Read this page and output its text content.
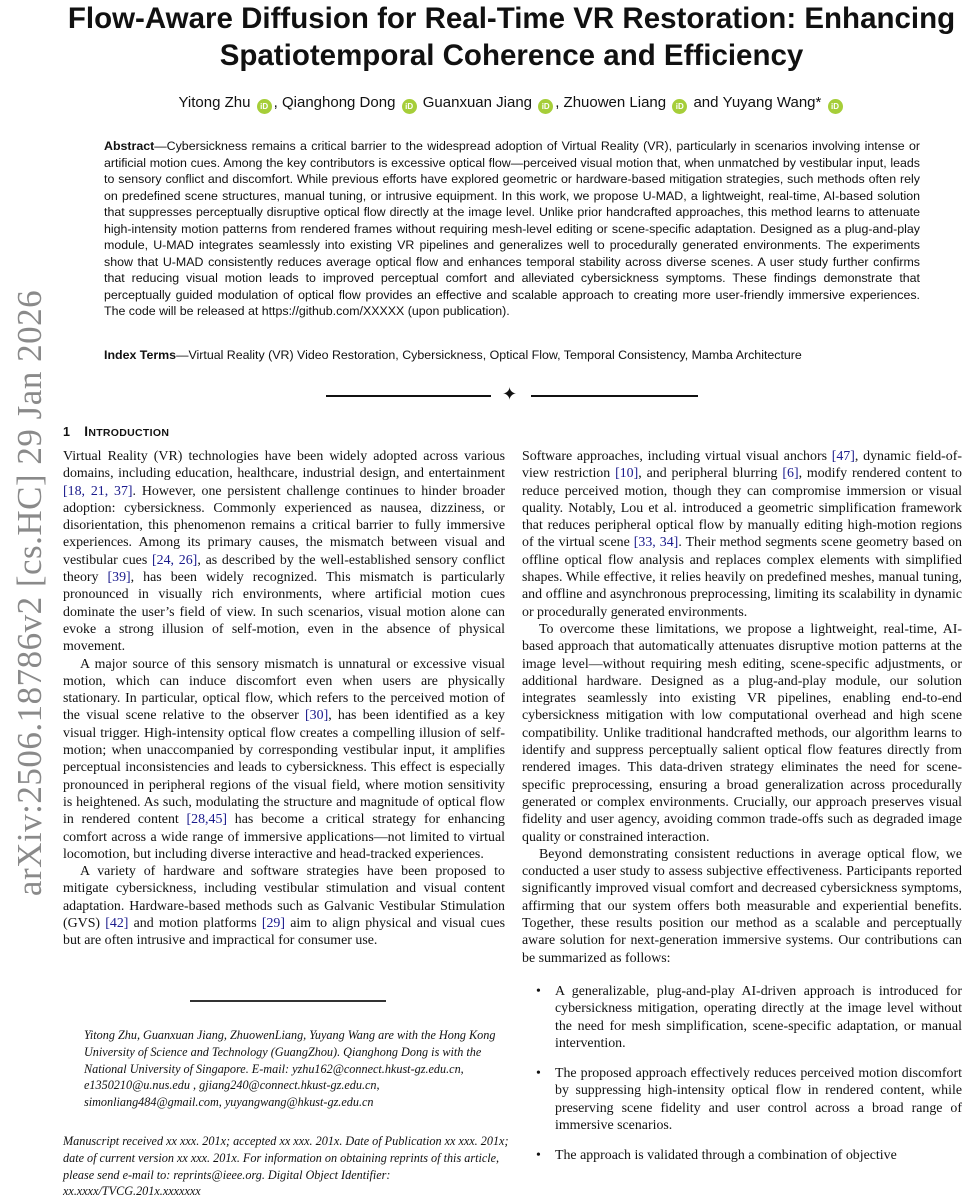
arXiv:2506.18786v2 [cs.HC] 29 Jan 2026
Flow-Aware Diffusion for Real-Time VR Restoration: Enhancing
Spatiotemporal Coherence and Efficiency
Yitong Zhu iD , Qianghong Dong iD Guanxuan Jiang iD , Zhuowen Liang iD and Yuyang Wang* iD
Abstract—Cybersickness remains a critical barrier to the widespread adoption of Virtual Reality (VR), particularly in scenarios involving intense or artificial motion cues. Among the key contributors is excessive optical flow—perceived visual motion that, when unmatched by vestibular input, leads to sensory conflict and discomfort. While previous efforts have explored geometric or hardware-based mitigation strategies, such methods often rely on predefined scene structures, manual tuning, or intrusive equipment. In this work, we propose U-MAD, a lightweight, real-time, AI-based solution that suppresses perceptually disruptive optical flow directly at the image level. Unlike prior handcrafted approaches, this method learns to attenuate high-intensity motion patterns from rendered frames without requiring mesh-level editing or scene-specific adaptation. Designed as a plug-and-play module, U-MAD integrates seamlessly into existing VR pipelines and generalizes well to procedurally generated environments. The experiments show that U-MAD consistently reduces average optical flow and enhances temporal stability across diverse scenes. A user study further confirms that reducing visual motion leads to improved perceptual comfort and alleviated cybersickness symptoms. These findings demonstrate that perceptually guided modulation of optical flow provides an effective and scalable approach to creating more user-friendly immersive experiences. The code will be released at https://github.com/XXXXX (upon publication).
Index Terms—Virtual Reality (VR) Video Restoration, Cybersickness, Optical Flow, Temporal Consistency, Mamba Architecture
✦
1 INTRODUCTION

Virtual Reality (VR) technologies have been widely adopted across various domains, including education, healthcare, industrial design, and entertainment [18, 21, 37]. However, one persistent challenge continues to hinder broader adoption: cybersickness. Commonly experienced as nausea, dizziness, or disorientation, this phenomenon remains a critical barrier to fully immersive experiences. Among its primary causes, the mismatch between visual and vestibular cues [24, 26], as described by the well-established sensory conflict theory [39], has been widely recognized. This mismatch is particularly pronounced in visually rich environments, where artificial motion cues dominate the user’s field of view. In such scenarios, visual motion alone can evoke a strong illusion of self-motion, even in the absence of physical movement.

A major source of this sensory mismatch is unnatural or excessive visual motion, which can induce discomfort even when users are physically stationary. In particular, optical flow, which refers to the perceived motion of the visual scene relative to the observer [30], has been identified as a key visual trigger. High-intensity optical flow creates a compelling illusion of self-motion; when unaccompanied by corresponding vestibular input, it amplifies perceptual inconsistencies and leads to cybersickness. This effect is especially pronounced in peripheral regions of the visual field, where motion sensitivity is heightened. As such, modulating the structure and magnitude of optical flow in rendered content [28,45] has become a critical strategy for enhancing comfort across a wide range of immersive applications—not limited to virtual locomotion, but including diverse interactive and head-tracked experiences.

A variety of hardware and software strategies have been proposed to mitigate cybersickness, including vestibular stimulation and visual content adaptation. Hardware-based methods such as Galvanic Vestibular Stimulation (GVS) [42] and motion platforms [29] aim to align physical and visual cues but are often intrusive and impractical for consumer use.

Yitong Zhu, Guanxuan Jiang, ZhuowenLiang, Yuyang Wang are with the Hong Kong University of Science and Technology (GuangZhou). Qianghong Dong is with the National University of Singapore. E-mail: yzhu162@connect.hkust-gz.edu.cn, e1350210@u.nus.edu , gjiang240@connect.hkust-gz.edu.cn, simonliang484@gmail.com, yuyangwang@hkust-gz.edu.cn
Manuscript received xx xxx. 201x; accepted xx xxx. 201x. Date of Publication xx xxx. 201x; date of current version xx xxx. 201x. For information on obtaining reprints of this article, please send e-mail to: reprints@ieee.org. Digital Object Identifier: xx.xxxx/TVCG.201x.xxxxxxx

Software approaches, including virtual visual anchors [47], dynamic field-of-view restriction [10], and peripheral blurring [6], modify rendered content to reduce perceived motion, though they can compromise immersion or visual quality. Notably, Lou et al. introduced a geometric simplification framework that reduces peripheral optical flow by manually editing high-motion regions of the virtual scene [33, 34]. Their method segments scene geometry based on offline optical flow analysis and replaces complex elements with simplified shapes. While effective, it relies heavily on predefined meshes, manual tuning, and offline and asynchronous preprocessing, limiting its scalability in dynamic or procedurally generated environments.

To overcome these limitations, we propose a lightweight, real-time, AI-based approach that automatically attenuates disruptive motion patterns at the image level—without requiring mesh editing, scene-specific adjustments, or additional hardware. Designed as a plug-and-play module, our solution integrates seamlessly into existing VR pipelines, enabling end-to-end cybersickness mitigation with low computational overhead and high scene compatibility. Unlike traditional handcrafted methods, our algorithm learns to identify and suppress perceptually salient optical flow features directly from rendered images. This data-driven strategy eliminates the need for scene-specific preprocessing, ensuring a broad generalization across procedurally generated or complex environments. Crucially, our approach preserves visual fidelity and user agency, avoiding common trade-offs such as degraded image quality or constrained interaction.

Beyond demonstrating consistent reductions in average optical flow, we conducted a user study to assess subjective effectiveness. Participants reported significantly improved visual comfort and decreased cybersickness symptoms, affirming that our system offers both measurable and experiential benefits. Together, these results position our method as a scalable and perceptually aware solution for next-generation immersive systems. Our contributions can be summarized as follows:

• A generalizable, plug-and-play AI-driven approach is introduced for cybersickness mitigation, operating directly at the image level without the need for mesh simplification, scene-specific adaptation, or manual intervention.
• The proposed approach effectively reduces perceived motion discomfort by suppressing high-intensity optical flow in rendered content, while preserving scene fidelity and user control across a broad range of immersive scenarios.
• The approach is validated through a combination of objective
